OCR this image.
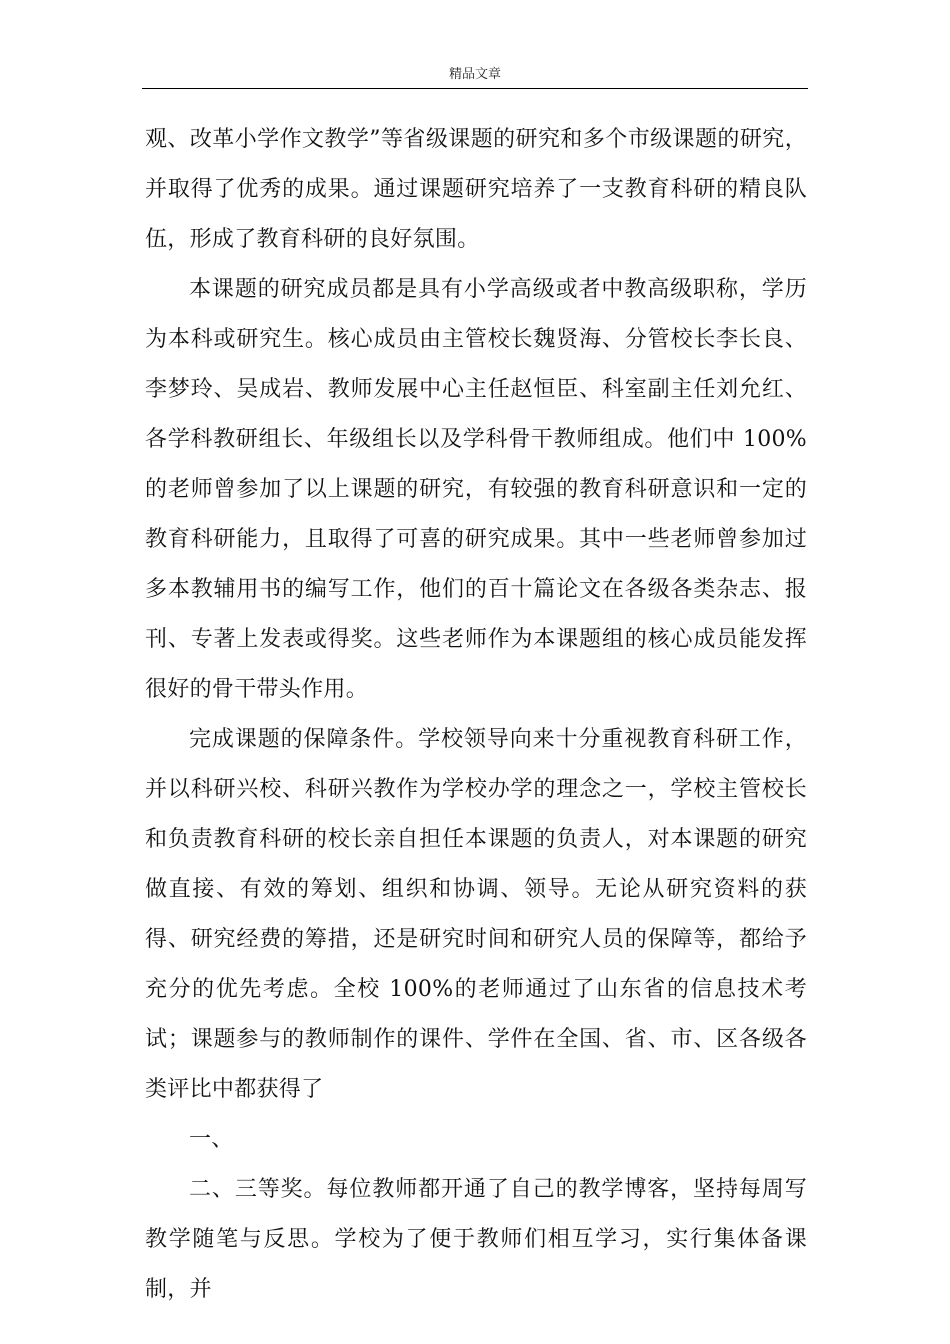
精品文章

观、改革小学作文教学”等省级课题的研究和多个市级课题的研究，并取得了优秀的成果。通过课题研究培养了一支教育科研的精良队伍，形成了教育科研的良好氛围。

本课题的研究成员都是具有小学高级或者中教高级职称，学历为本科或研究生。核心成员由主管校长魏贤海、分管校长李长良、李梦玲、吴成岩、教师发展中心主任赵恒臣、科室副主任刘允红、各学科教研组长、年级组长以及学科骨干教师组成。他们中 100%的老师曾参加了以上课题的研究，有较强的教育科研意识和一定的教育科研能力，且取得了可喜的研究成果。其中一些老师曾参加过多本教辅用书的编写工作，他们的百十篇论文在各级各类杂志、报刊、专著上发表或得奖。这些老师作为本课题组的核心成员能发挥很好的骨干带头作用。

完成课题的保障条件。学校领导向来十分重视教育科研工作，并以科研兴校、科研兴教作为学校办学的理念之一，学校主管校长和负责教育科研的校长亲自担任本课题的负责人，对本课题的研究做直接、有效的筹划、组织和协调、领导。无论从研究资料的获得、研究经费的筹措，还是研究时间和研究人员的保障等，都给予充分的优先考虑。全校 100%的老师通过了山东省的信息技术考试；课题参与的教师制作的课件、学件在全国、省、市、区各级各类评比中都获得了

一、

二、三等奖。每位教师都开通了自己的教学博客，坚持每周写教学随笔与反思。学校为了便于教师们相互学习，实行集体备课制，并
